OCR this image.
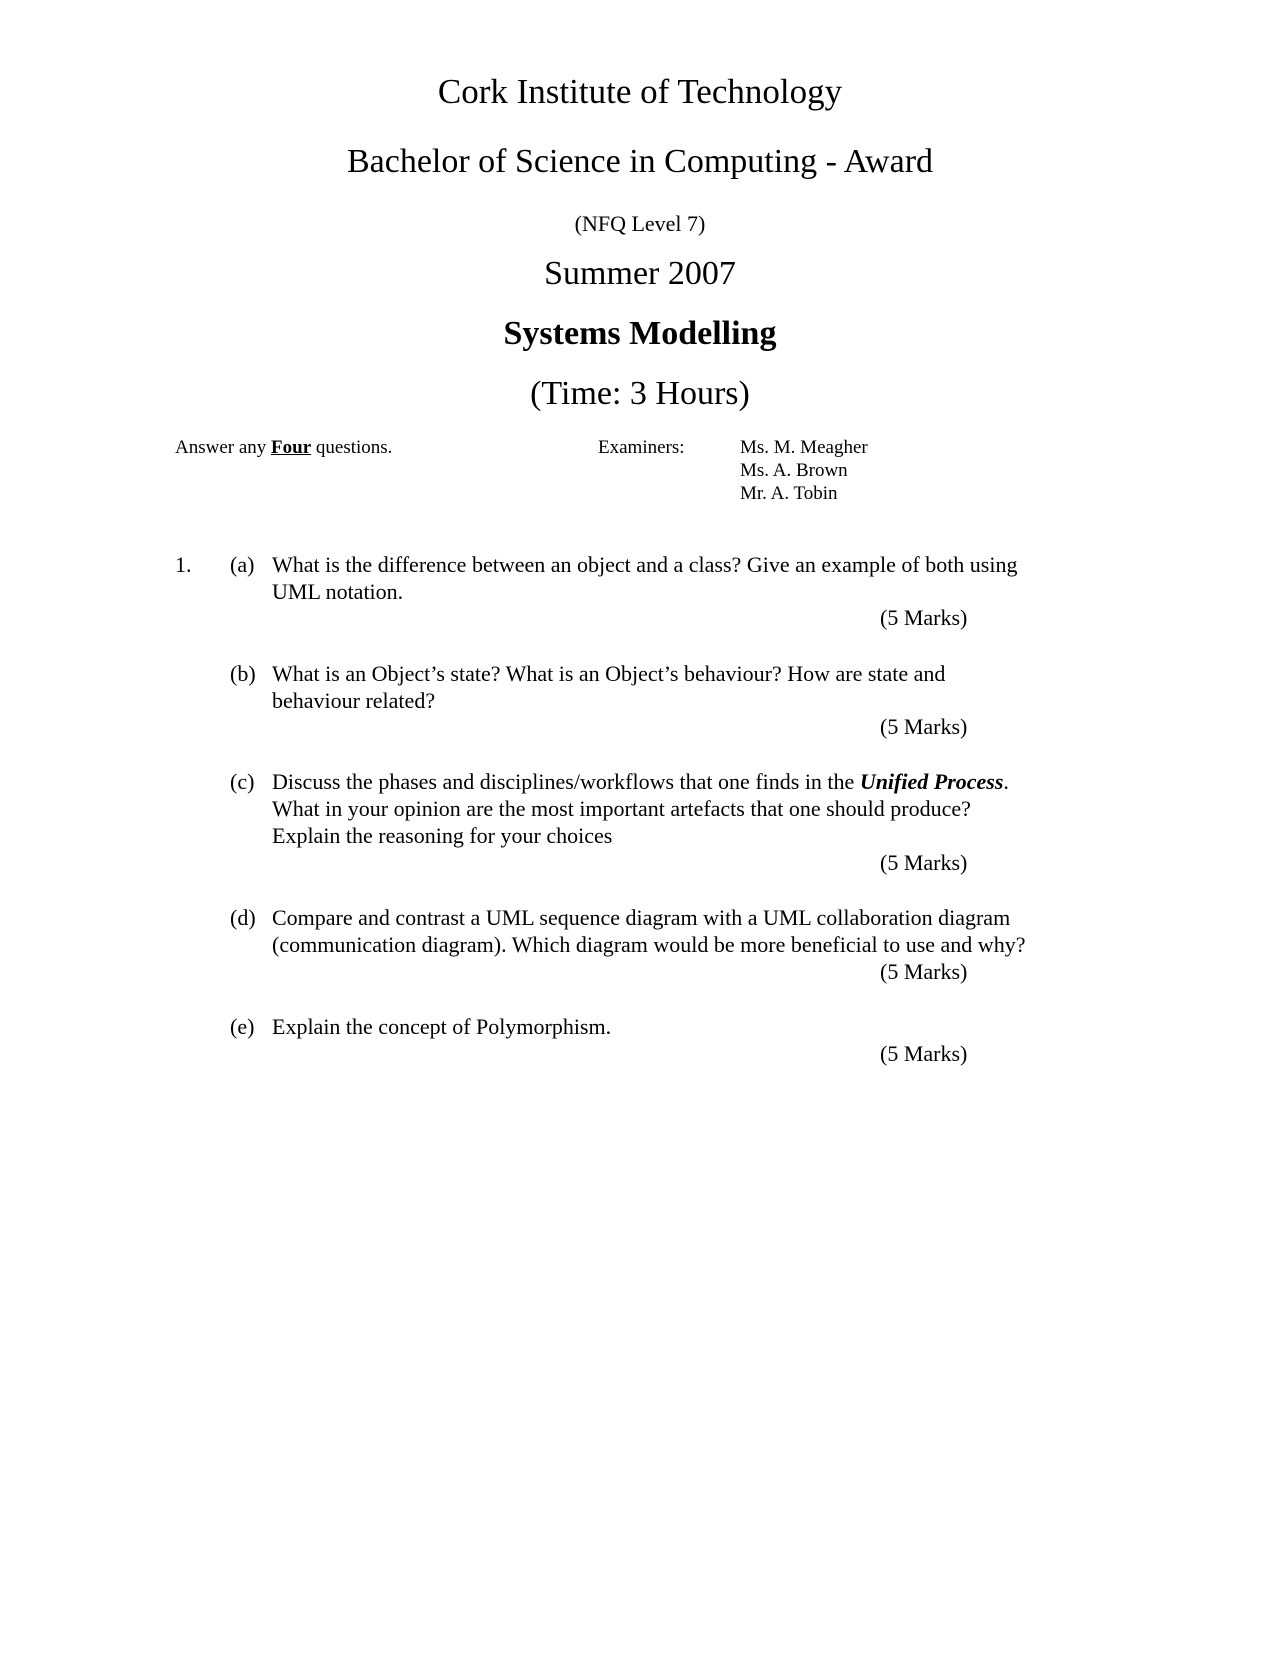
Cork Institute of Technology
Bachelor of Science in Computing - Award
(NFQ Level 7)
Summer 2007
Systems Modelling
(Time: 3 Hours)
Answer any Four questions.	Examiners:	Ms. M. Meagher
Ms. A. Brown
Mr. A. Tobin
1. (a) What is the difference between an object and a class? Give an example of both using
UML notation.
(5 Marks)
(b) What is an Object’s state? What is an Object’s behaviour? How are state and
behaviour related?
(5 Marks)
(c) Discuss the phases and disciplines/workflows that one finds in the Unified Process.
What in your opinion are the most important artefacts that one should produce?
Explain the reasoning for your choices
(5 Marks)
(d) Compare and contrast a UML sequence diagram with a UML collaboration diagram
(communication diagram). Which diagram would be more beneficial to use and why?
(5 Marks)
(e) Explain the concept of Polymorphism.
(5 Marks)
